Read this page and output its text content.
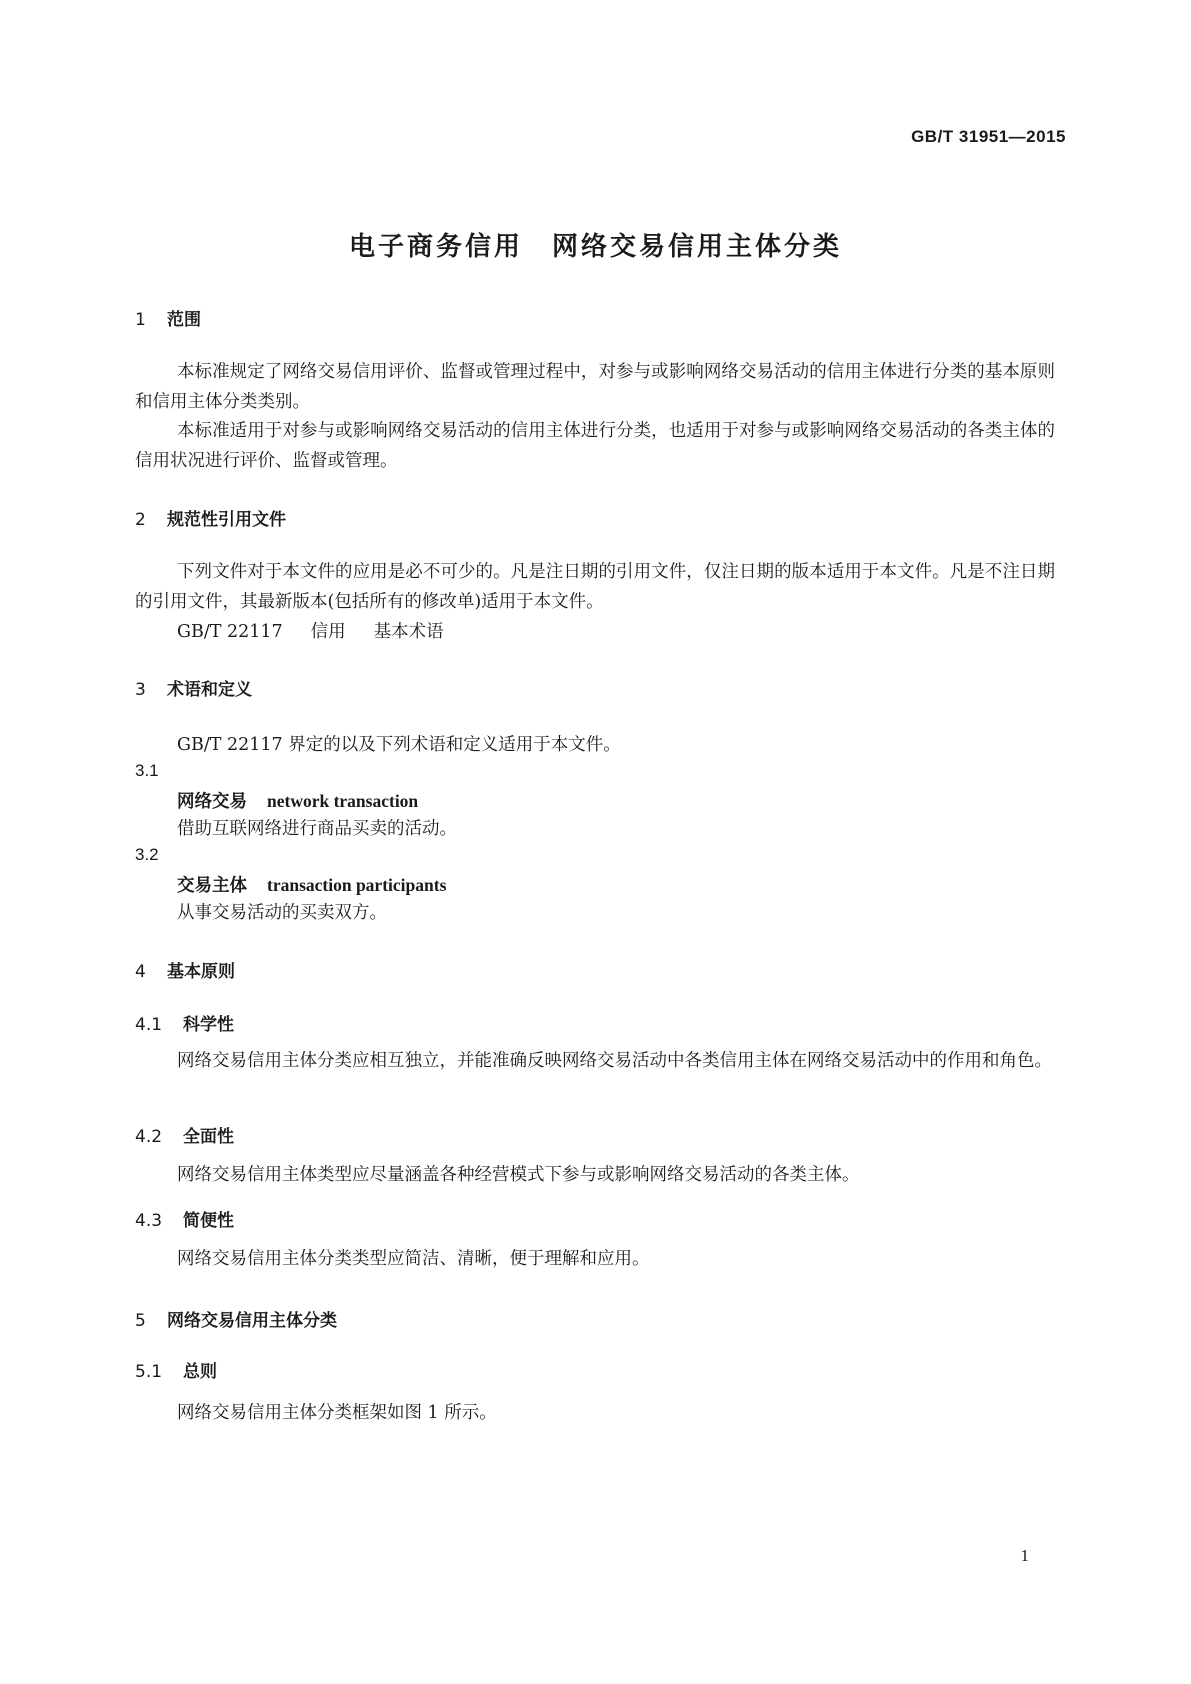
GB/T 31951—2015
电子商务信用　网络交易信用主体分类
1 范围
本标准规定了网络交易信用评价、监督或管理过程中，对参与或影响网络交易活动的信用主体进行分类的基本原则和信用主体分类类别。
本标准适用于对参与或影响网络交易活动的信用主体进行分类，也适用于对参与或影响网络交易活动的各类主体的信用状况进行评价、监督或管理。
2 规范性引用文件
下列文件对于本文件的应用是必不可少的。凡是注日期的引用文件，仅注日期的版本适用于本文件。凡是不注日期的引用文件，其最新版本(包括所有的修改单)适用于本文件。
GB/T 22117 信用 基本术语
3 术语和定义
GB/T 22117 界定的以及下列术语和定义适用于本文件。
3.1
网络交易 network transaction
借助互联网络进行商品买卖的活动。
3.2
交易主体 transaction participants
从事交易活动的买卖双方。
4 基本原则
4.1 科学性
网络交易信用主体分类应相互独立，并能准确反映网络交易活动中各类信用主体在网络交易活动中的作用和角色。
4.2 全面性
网络交易信用主体类型应尽量涵盖各种经营模式下参与或影响网络交易活动的各类主体。
4.3 简便性
网络交易信用主体分类类型应简洁、清晰，便于理解和应用。
5 网络交易信用主体分类
5.1 总则
网络交易信用主体分类框架如图 1 所示。
1
